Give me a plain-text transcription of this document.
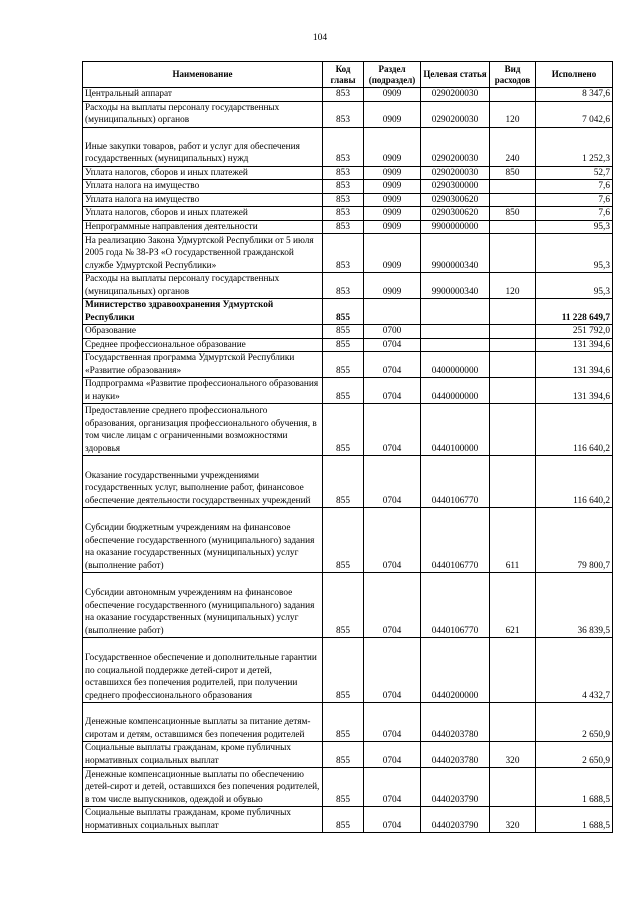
104
Наименование	Код главы	Раздел (подраздел)	Целевая статья	Вид расходов	Исполнено
Центральный аппарат	853	0909	0290200030		8 347,6
Расходы на выплаты персоналу государственных (муниципальных) органов	853	0909	0290200030	120	7 042,6
Иные закупки товаров, работ и услуг для обеспечения государственных (муниципальных) нужд	853	0909	0290200030	240	1 252,3
Уплата налогов, сборов и иных платежей	853	0909	0290200030	850	52,7
Уплата налога на имущество	853	0909	0290300000		7,6
Уплата налога на имущество	853	0909	0290300620		7,6
Уплата налогов, сборов и иных платежей	853	0909	0290300620	850	7,6
Непрограммные направления деятельности	853	0909	9900000000		95,3
На реализацию Закона Удмуртской Республики от 5 июля 2005 года № 38-РЗ «О государственной гражданской службе Удмуртской Республики»	853	0909	9900000340		95,3
Расходы на выплаты персоналу государственных (муниципальных) органов	853	0909	9900000340	120	95,3
Министерство здравоохранения Удмуртской Республики	855				11 228 649,7
Образование	855	0700			251 792,0
Среднее профессиональное образование	855	0704			131 394,6
Государственная программа Удмуртской Республики «Развитие образования»	855	0704	0400000000		131 394,6
Подпрограмма «Развитие профессионального образования и науки»	855	0704	0440000000		131 394,6
Предоставление среднего профессионального образования, организация профессионального обучения, в том числе лицам с ограниченными возможностями здоровья	855	0704	0440100000		116 640,2
Оказание государственными учреждениями государственных услуг, выполнение работ, финансовое обеспечение деятельности государственных учреждений	855	0704	0440106770		116 640,2
Субсидии бюджетным учреждениям на финансовое обеспечение государственного (муниципального) задания на оказание государственных (муниципальных) услуг (выполнение работ)	855	0704	0440106770	611	79 800,7
Субсидии автономным учреждениям на финансовое обеспечение государственного (муниципального) задания на оказание государственных (муниципальных) услуг (выполнение работ)	855	0704	0440106770	621	36 839,5
Государственное обеспечение и дополнительные гарантии по социальной поддержке детей-сирот и детей, оставшихся без попечения родителей, при получении среднего профессионального образования	855	0704	0440200000		4 432,7
Денежные компенсационные выплаты за питание детям-сиротам и детям, оставшимся без попечения родителей	855	0704	0440203780		2 650,9
Социальные выплаты гражданам, кроме публичных нормативных социальных выплат	855	0704	0440203780	320	2 650,9
Денежные компенсационные выплаты по обеспечению детей-сирот и детей, оставшихся без попечения родителей, в том числе выпускников, одеждой и обувью	855	0704	0440203790		1 688,5
Социальные выплаты гражданам, кроме публичных нормативных социальных выплат	855	0704	0440203790	320	1 688,5
